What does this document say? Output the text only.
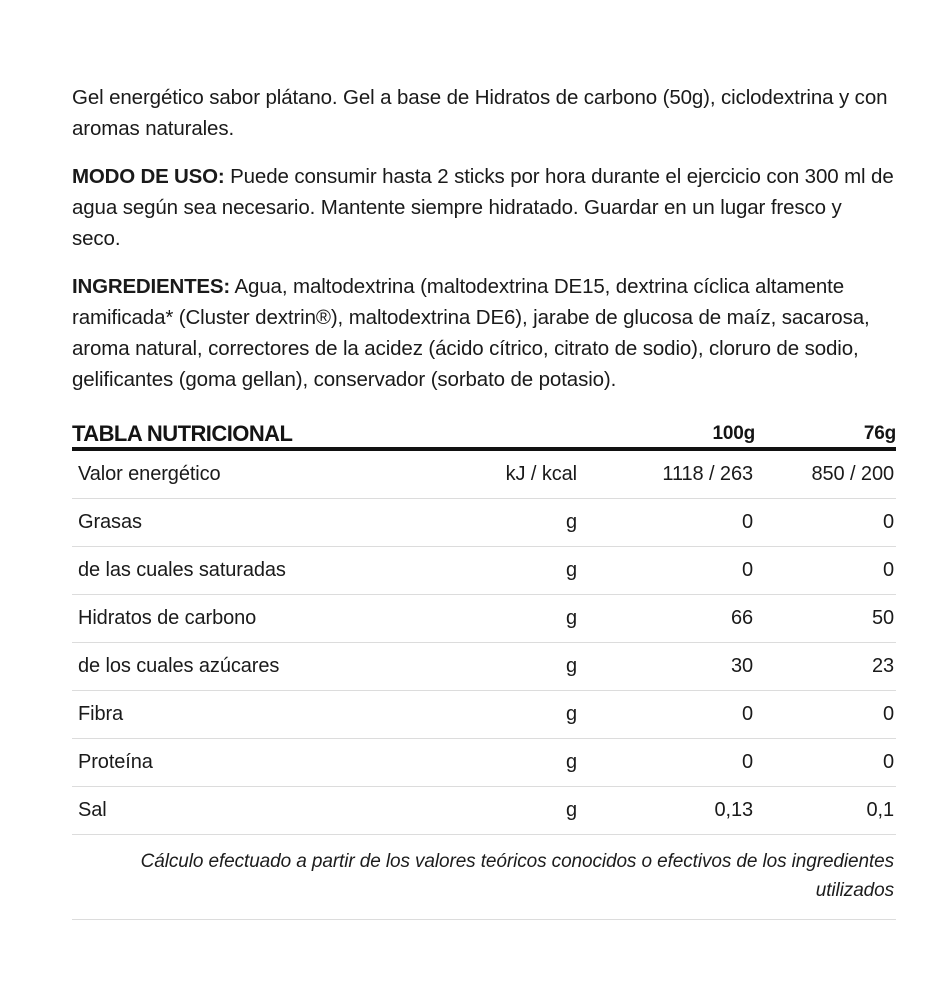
Gel energético sabor plátano. Gel a base de Hidratos de carbono (50g), ciclodextrina y con aromas naturales.

MODO DE USO: Puede consumir hasta 2 sticks por hora durante el ejercicio con 300 ml de agua según sea necesario. Mantente siempre hidratado. Guardar en un lugar fresco y seco.

INGREDIENTES: Agua, maltodextrina (maltodextrina DE15, dextrina cíclica altamente ramificada* (Cluster dextrin®), maltodextrina DE6), jarabe de glucosa de maíz, sacarosa, aroma natural, correctores de la acidez (ácido cítrico, citrato de sodio), cloruro de sodio, gelificantes (goma gellan), conservador (sorbato de potasio).

TABLA NUTRICIONAL		100g	76g

Valor energético	kJ / kcal	1118 / 263	850 / 200
Grasas	g	0	0
de las cuales saturadas	g	0	0
Hidratos de carbono	g	66	50
de los cuales azúcares	g	30	23
Fibra	g	0	0
Proteína	g	0	0
Sal	g	0,13	0,1
Cálculo efectuado a partir de los valores teóricos conocidos o efectivos de los ingredientes utilizados			
